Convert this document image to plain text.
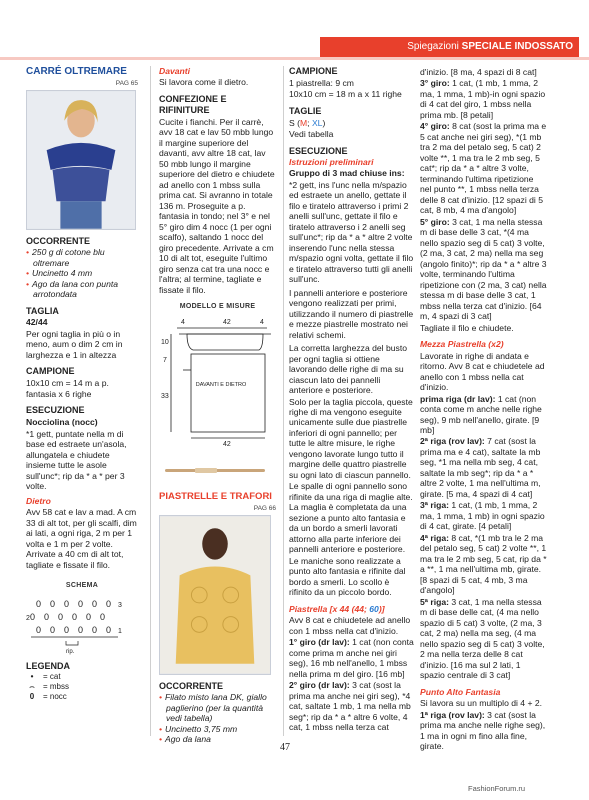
Spiegazioni SPECIALE INDOSSATO
CARRÉ OLTREMARE
PAG 65
OCCORRENTE
• 250 g di cotone blu oltremare
• Uncinetto 4 mm
• Ago da lana con punta arrotondata
TAGLIA

42/44

Per ogni taglia in più o in meno, aum o dim 2 cm in larghezza e 1 in altezza

CAMPIONE

10x10 cm = 14 m a p. fantasia x 6 righe

ESECUZIONE

Nocciolina (nocc)

*1 gett, puntate nella m di base ed estraete un'asola, allungatela e chiudete insieme tutte le asole sull'unc*; rip da * a * per 3 volte.

Dietro

Avv 58 cat e lav a mad. A cm 33 di alt tot, per gli scalfi, dim ai lati, a ogni riga, 2 m per 1 volta e 1 m per 2 volte. Arrivate a 40 cm di alt tot, tagliate e fissate il filo.

SCHEMA
0 0 0 0 0 0
0 0 0 0 0 0
0 0 0 0 0 0
3
2
1
rip.
LEGENDA
•	= cat
⌢	= mbss
0	= nocc
Davanti

Si lavora come il dietro.

CONFEZIONE E RIFINITURE

Cucite i fianchi. Per il carrè, avv 18 cat e lav 50 mbb lungo il margine superiore del davanti, avv altre 18 cat, lav 50 mbb lungo il margine superiore del dietro e chiudete ad anello con 1 mbss sulla prima cat. Si avranno in totale 136 m. Proseguite a p. fantasia in tondo; nel 3° e nel 5° giro dim 4 nocc (1 per ogni scalfo), saltando 1 nocc del giro precedente. Arrivate a cm 10 di alt tot, eseguite l'ultimo giro senza cat tra una nocc e l'altra; al termine, tagliate e fissate il filo.

MODELLO E MISURE
4	42	4
10
7
33
42
DAVANTI E DIETRO

PIASTRELLE E TRAFORI
PAG 66
OCCORRENTE
• Filato misto lana DK, giallo paglierino (per la quantità vedi tabella)
• Uncinetto 3,75 mm
• Ago da lana
CAMPIONE

1 piastrella: 9 cm

10x10 cm = 18 m a x 11 righe

TAGLIE

S (M; XL)

Vedi tabella

ESECUZIONE
Istruzioni preliminari

Gruppo di 3 mad chiuse ins:

*2 gett, ins l'unc nella m/spazio ed estraete un anello, gettate il filo e tiratelo attraverso i primi 2 anelli sull'unc, gettate il filo e tiratelo attraverso i 2 anelli seg sull'unc*; rip da * a * altre 2 volte inserendo l'unc nella stessa m/spazio ogni volta, gettate il filo e tiratelo attraverso tutti gli anelli sull'unc.

I pannelli anteriore e posteriore vengono realizzati per primi, utilizzando il numero di piastrelle e mezze piastrelle mostrato nei relativi schemi.

La corretta larghezza del busto per ogni taglia si ottiene lavorando delle righe di ma su ciascun lato dei pannelli anteriore e posteriore.

Solo per la taglia piccola, queste righe di ma vengono eseguite unicamente sulle due piastrelle inferiori di ogni pannello; per tutte le altre misure, le righe vengono lavorate lungo tutto il margine delle quattro piastrelle su ogni lato di ciascun pannello.

Le spalle di ogni pannello sono rifinite da una riga di maglie alte. La maglia è completata da una sezione a punto alto fantasia e da un bordo a smerli lavorati attorno alla parte inferiore dei pannelli anteriore e posteriore.

Le maniche sono realizzate a punto alto fantasia e rifinite dal bordo a smerli. Lo scollo è rifinito da un piccolo bordo.

Piastrella [x 44 (44; 60)]

Avv 8 cat e chiudetele ad anello con 1 mbss nella cat d'inizio.

1° giro (dr lav): 1 cat (non conta come prima m anche nei giri seg), 16 mb nell'anello, 1 mbss nella prima m del giro. [16 mb]

2° giro (dr lav): 3 cat (sost la prima ma anche nei giri seg), *4 cat, saltate 1 mb, 1 ma nella mb seg*; rip da * a * altre 6 volte, 4 cat, 1 mbss nella terza cat

d'inizio. [8 ma, 4 spazi di 8 cat]

3° giro: 1 cat, (1 mb, 1 mma, 2 ma, 1 mma, 1 mb)-in ogni spazio di 4 cat del giro, 1 mbss nella prima mb. [8 petali]

4° giro: 8 cat (sost la prima ma e 5 cat anche nei giri seg), *(1 mb tra 2 ma del petalo seg, 5 cat) 2 volte **, 1 ma tra le 2 mb seg, 5 cat*; rip da * a * altre 3 volte, terminando l'ultima ripetizione nel punto **, 1 mbss nella terza delle 8 cat d'inizio. [12 spazi di 5 cat, 8 mb, 4 ma d'angolo]

5° giro: 3 cat, 1 ma nella stessa m di base delle 3 cat, *(4 ma nello spazio seg di 5 cat) 3 volte, (2 ma, 3 cat, 2 ma) nella ma seg (angolo finito)*; rip da * a * altre 3 volte, terminando l'ultima ripetizione con (2 ma, 3 cat) nella stessa m di base delle 3 cat, 1 mbss nella terza cat d'inizio. [64 m, 4 spazi di 3 cat]

Tagliate il filo e chiudete.

Mezza Piastrella (x2)

Lavorate in righe di andata e ritorno. Avv 8 cat e chiudetele ad anello con 1 mbss nella cat d'inizio.

prima riga (dr lav): 1 cat (non conta come m anche nelle righe seg), 9 mb nell'anello, girate. [9 mb]

2ª riga (rov lav): 7 cat (sost la prima ma e 4 cat), saltate la mb seg, *1 ma nella mb seg, 4 cat, saltate la mb seg*; rip da * a * altre 2 volte, 1 ma nell'ultima m, girate. [5 ma, 4 spazi di 4 cat]

3ª riga: 1 cat, (1 mb, 1 mma, 2 ma, 1 mma, 1 mb) in ogni spazio di 4 cat, girate. [4 petali]

4ª riga: 8 cat, *(1 mb tra le 2 ma del petalo seg, 5 cat) 2 volte **, 1 ma tra le 2 mb seg, 5 cat, rip da * a **, 1 ma nell'ultima mb, girate. [8 spazi di 5 cat, 4 mb, 3 ma d'angolo]

5ª riga: 3 cat, 1 ma nella stessa m di base delle cat, (4 ma nello spazio di 5 cat) 3 volte, (2 ma, 3 cat, 2 ma) nella ma seg, (4 ma nello spazio seg di 5 cat) 3 volte, 2 ma nella terza delle 8 cat d'inizio. [16 ma sul 2 lati, 1 spazio centrale di 3 cat]

Punto Alto Fantasia

Si lavora su un multiplo di 4 + 2.

1ª riga (rov lav): 3 cat (sost la prima ma anche nelle righe seg), 1 ma in ogni m fino alla fine, girate.

47
FashionForum.ru
